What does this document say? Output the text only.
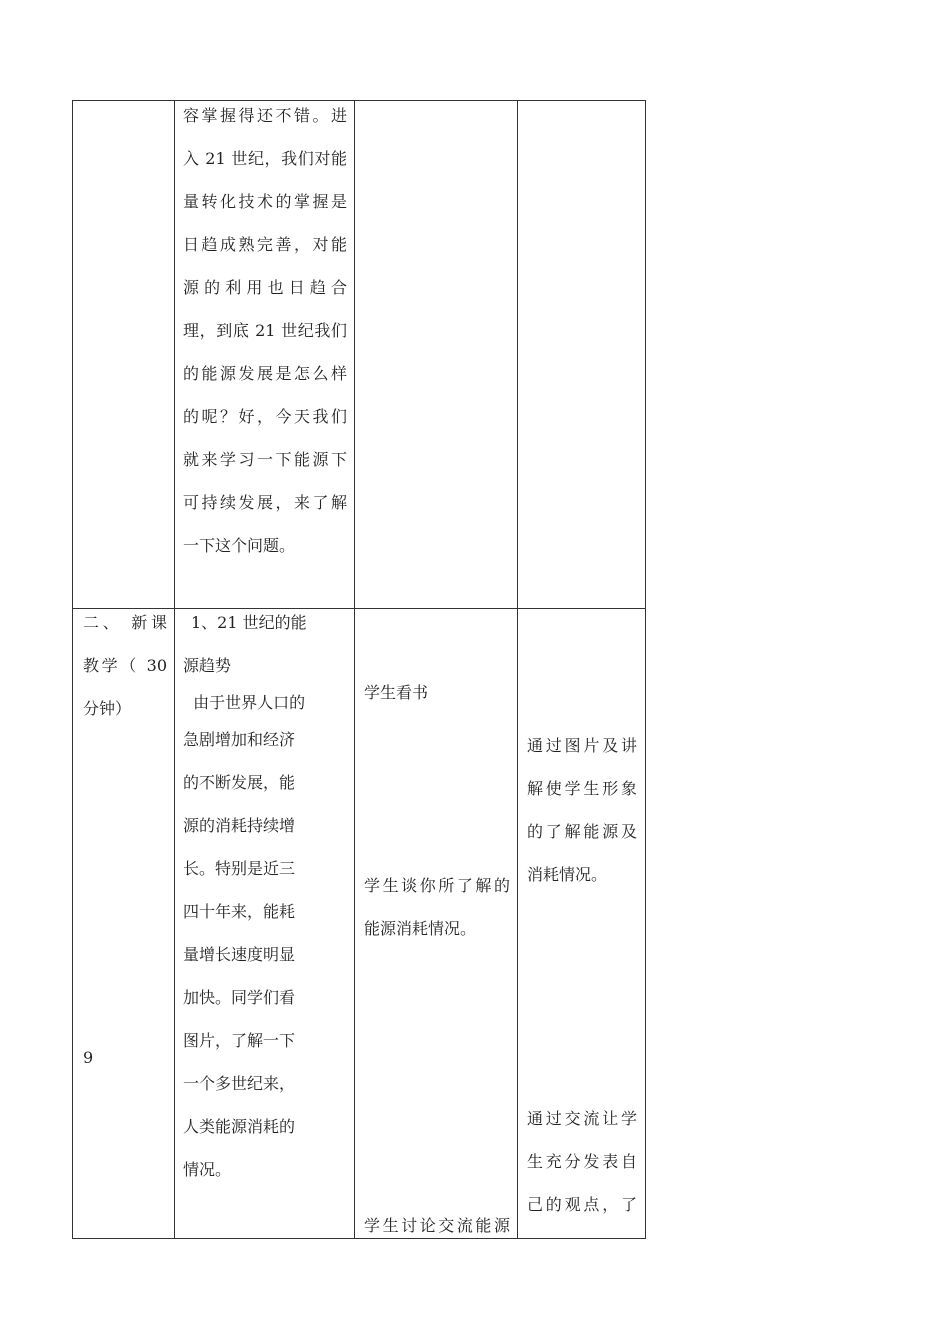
容掌握得还不错。进
入 21 世纪，我们对能
量转化技术的掌握是
日趋成熟完善，对能
源的利用也日趋合
理，到底 21 世纪我们
的能源发展是怎么样
的呢？好，今天我们
就来学习一下能源下
可持续发展，来了解
一下这个问题。
二、 新课
教学（ 30
分钟）
9
1、21 世纪的能
源趋势
由于世界人口的
急剧增加和经济
的不断发展，能
源的消耗持续增
长。特别是近三
四十年来，能耗
量增长速度明显
加快。同学们看
图片，了解一下
一个多世纪来，
人类能源消耗的
情况。
学生看书
学生谈你所了解的
能源消耗情况。
学生讨论交流能源
通过图片及讲
解使学生形象
的了解能源及
消耗情况。
通过交流让学
生充分发表自
己的观点，了
